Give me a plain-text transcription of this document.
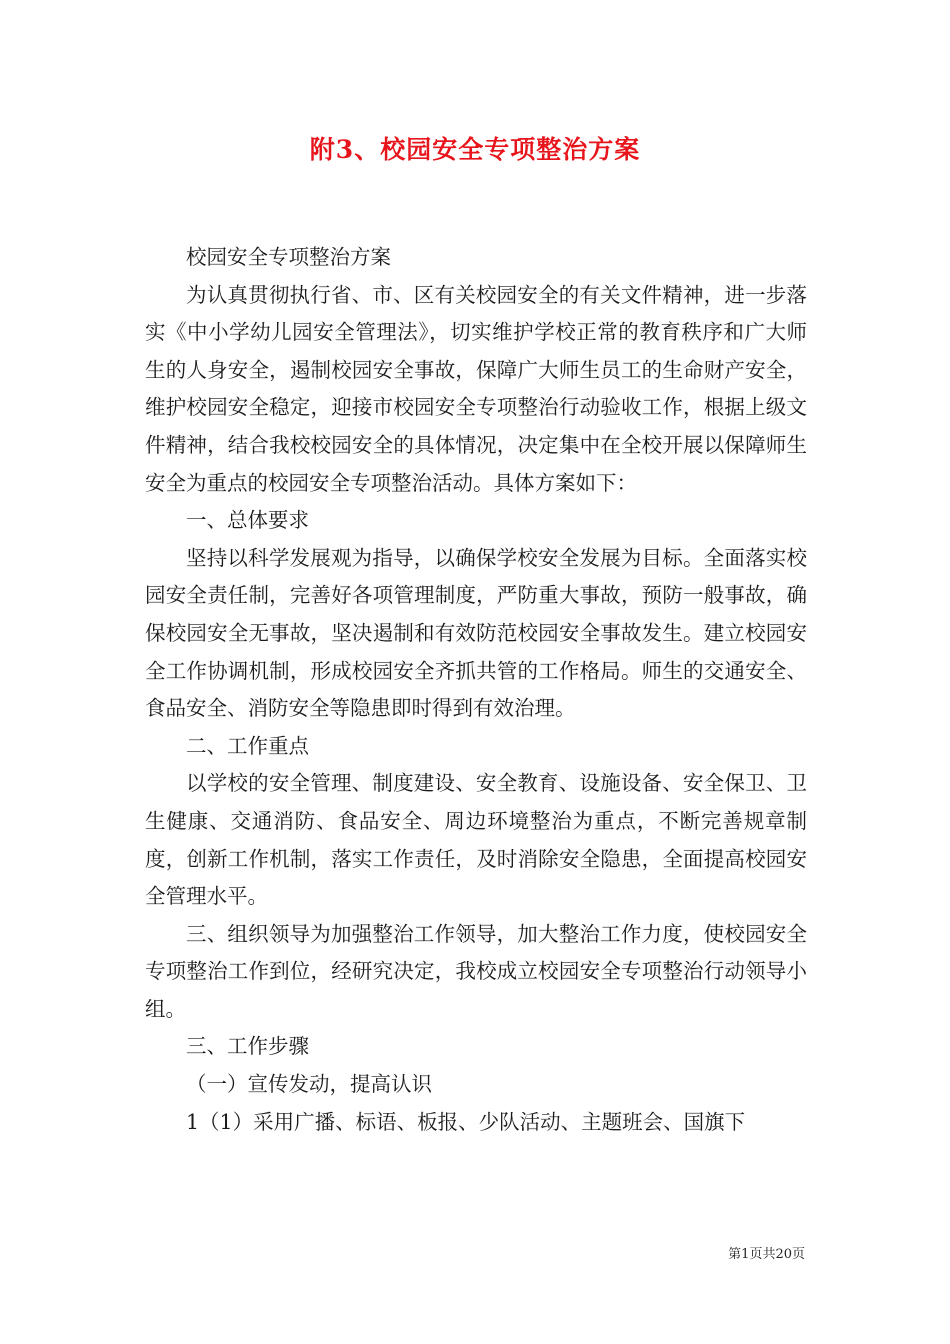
附3、校园安全专项整治方案

校园安全专项整治方案

为认真贯彻执行省、市、区有关校园安全的有关文件精神，进一步落实《中小学幼儿园安全管理法》，切实维护学校正常的教育秩序和广大师生的人身安全，遏制校园安全事故，保障广大师生员工的生命财产安全，维护校园安全稳定，迎接市校园安全专项整治行动验收工作，根据上级文件精神，结合我校校园安全的具体情况，决定集中在全校开展以保障师生安全为重点的校园安全专项整治活动。具体方案如下：

一、总体要求

坚持以科学发展观为指导，以确保学校安全发展为目标。全面落实校园安全责任制，完善好各项管理制度，严防重大事故，预防一般事故，确保校园安全无事故，坚决遏制和有效防范校园安全事故发生。建立校园安全工作协调机制，形成校园安全齐抓共管的工作格局。师生的交通安全、食品安全、消防安全等隐患即时得到有效治理。

二、工作重点

以学校的安全管理、制度建设、安全教育、设施设备、安全保卫、卫生健康、交通消防、食品安全、周边环境整治为重点，不断完善规章制度，创新工作机制，落实工作责任，及时消除安全隐患，全面提高校园安全管理水平。

三、组织领导为加强整治工作领导，加大整治工作力度，使校园安全专项整治工作到位，经研究决定，我校成立校园安全专项整治行动领导小组。

三、工作步骤

（一）宣传发动，提高认识

1（1）采用广播、标语、板报、少队活动、主题班会、国旗下

第1页共20页
